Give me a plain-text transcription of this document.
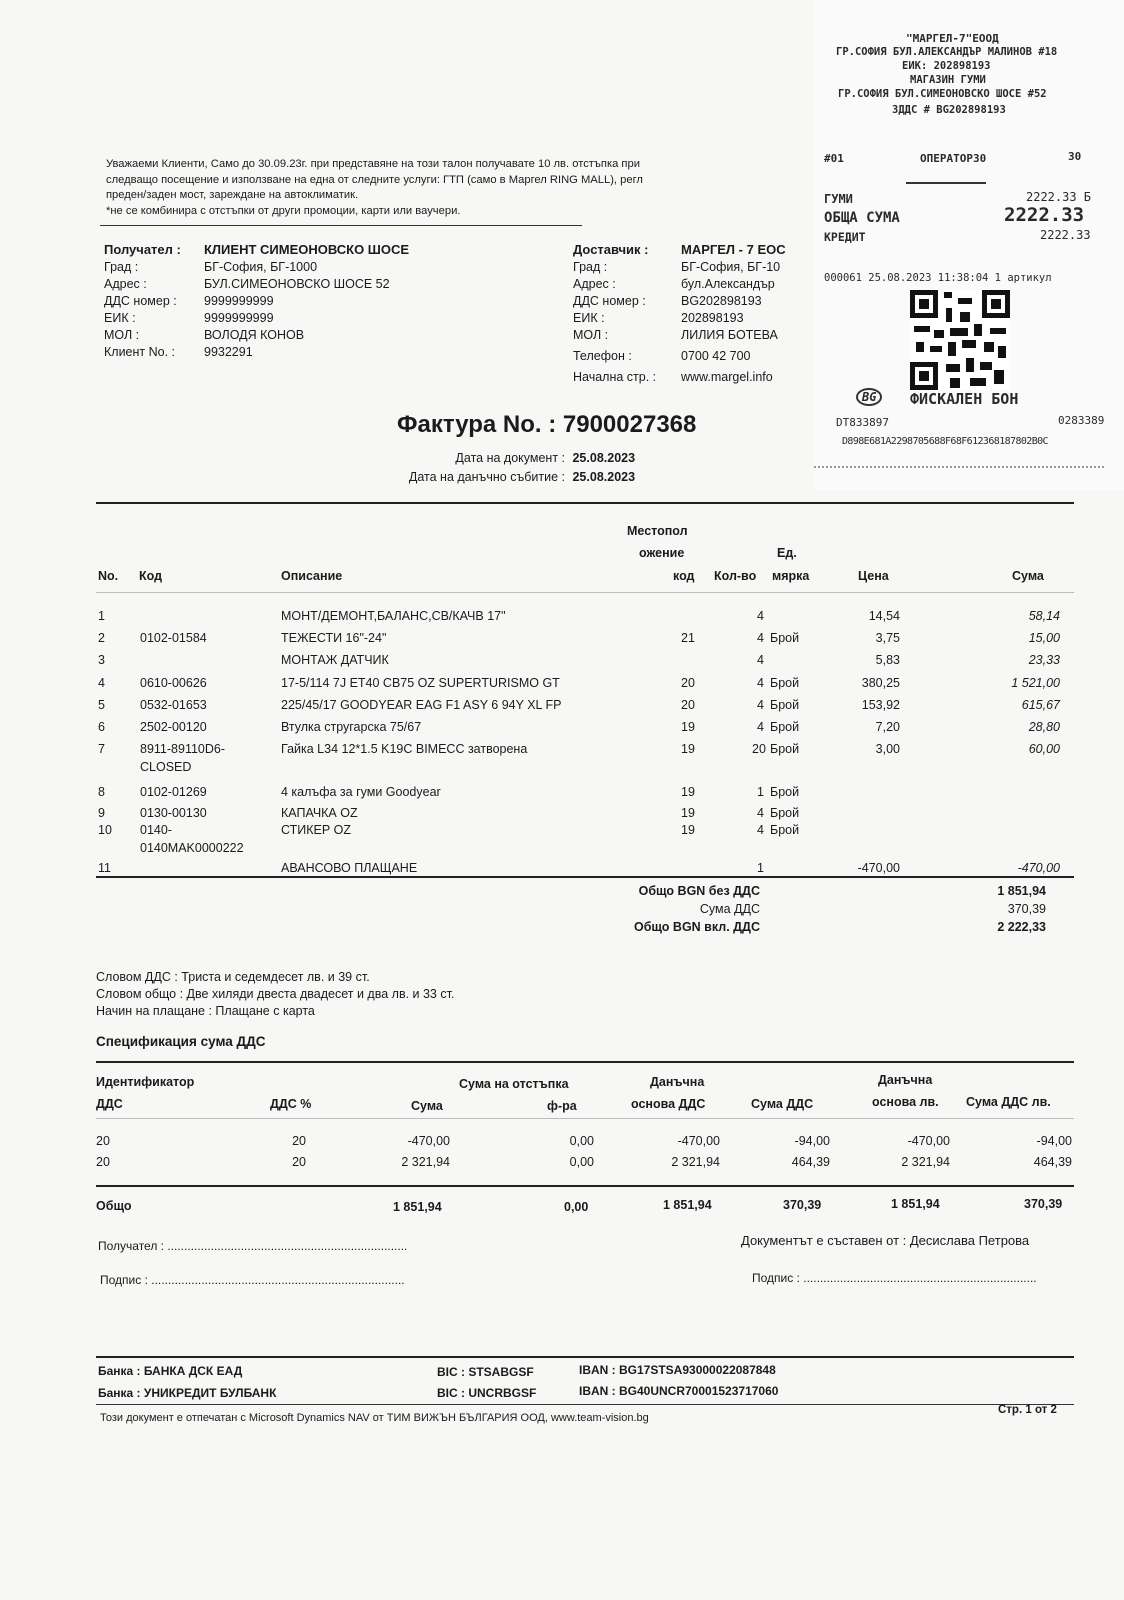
Уважаеми Клиенти, Само до 30.09.23г. при представяне на този талон получавате 10 лв. отстъпка при
следващо посещение и използване на една от следните услуги: ГТП (само в Маргел RING MALL), регл
преден/заден мост, зареждане на автоклиматик.
*не се комбинира с отстъпки от други промоции, карти или ваучери.
Получател :	КЛИЕНТ СИМЕОНОВСКО ШОСЕ
Град :	БГ-София, БГ-1000
Адрес :	БУЛ.СИМЕОНОВСКО ШОСЕ 52
ДДС номер :	9999999999
ЕИК :	9999999999
МОЛ :	ВОЛОДЯ КОНОВ
Клиент No. :	9932291
Доставчик :	МАРГЕЛ - 7 ЕОС
Град :	БГ-София, БГ-10
Адрес :	бул.Александър
ДДС номер :	BG202898193
ЕИК :	202898193
МОЛ :	ЛИЛИЯ БОТЕВА
Телефон :	0700 42 700
Начална стр. :	www.margel.info
"МАРГЕЛ-7"ЕООД
ГР.СОФИЯ БУЛ.АЛЕКСАНДЪР МАЛИНОВ #18
ЕИК: 202898193
МАГАЗИН ГУМИ
ГР.СОФИЯ БУЛ.СИМЕОНОВСКО ШОСЕ #52
ЗДДС # BG202898193
#01	ОПЕРАТОР30	30
ГУМИ	2222.33 Б
ОБЩА СУМА	2222.33
КРЕДИТ	2222.33
000061 25.08.2023 11:38:04 1 артикул
BG	ФИСКАЛЕН БОН
DT833897	0283389
D898E681A2298705688F68F612368187802B0C
Фактура No. : 7900027368
Дата на документ : 25.08.2023
Дата на данъчно събитие : 25.08.2023
No. Код	Описание
Местопол
ожение
код Кол-во
Ед.
мярка	Цена	Сума
1	МОНТ/ДЕМОНТ,БАЛАНС,СВ/КАЧВ 17"	4	14,54	58,14
2	0102-01584	ТЕЖЕСТИ 16"-24"	21	4 Брой	3,75	15,00
3	МОНТАЖ ДАТЧИК	4	5,83	23,33
4	0610-00626	17-5/114 7J ET40 CB75 OZ SUPERTURISMO GT	20	4 Брой	380,25	1 521,00
5	0532-01653	225/45/17 GOODYEAR EAG F1 ASY 6 94Y XL FP	20	4 Брой	153,92	615,67
6	2502-00120	Втулка стругарска 75/67	19	4 Брой	7,20	28,80
7	8911-89110D6-	Гайка L34 12*1.5 K19C BIMECC затворена	19	20 Брой	3,00	60,00
CLOSED
8	0102-01269	4 калъфа за гуми Goodyear	19	1 Брой
9	0130-00130	КАПАЧКА OZ	19	4 Брой
10 0140-	СТИКЕР OZ	19	4 Брой
0140MAK0000222
11	АВАНСОВО ПЛАЩАНЕ	1	-470,00	-470,00
Общо BGN без ДДС	1 851,94
Сума ДДС	370,39
Общо BGN вкл. ДДС	2 222,33
Словом ДДС : Триста и седемдесет лв. и 39 ст.
Словом общо : Две хиляди двеста двадесет и два лв. и 33 ст.
Начин на плащане : Плащане с карта
Спецификация сума ДДС
Идентификатор
ДДС	ДДС %
Сума на отстъпка
Сума	ф-ра
Данъчна
основа ДДС	Сума ДДС
Данъчна
основа лв. Сума ДДС лв.
20	20	-470,00	0,00	-470,00	-94,00	-470,00	-94,00
20	20	2 321,94	0,00	2 321,94	464,39	2 321,94	464,39
Общо	1 851,94	0,00	1 851,94	370,39	1 851,94	370,39
Получател : ........................................................................
Подпис : ............................................................................
Документът е съставен от : Десислава Петрова
Подпис : ......................................................................
Банка : БАНКА ДСК ЕАД	BIC : STSABGSF	IBAN : BG17STSA93000022087848
Банка : УНИКРЕДИТ БУЛБАНК	BIC : UNCRBGSF	IBAN : BG40UNCR70001523717060
Този документ е отпечатан с Microsoft Dynamics NAV от ТИМ ВИЖЪН БЪЛГАРИЯ ООД, www.team-vision.bg
Стр. 1 от 2
